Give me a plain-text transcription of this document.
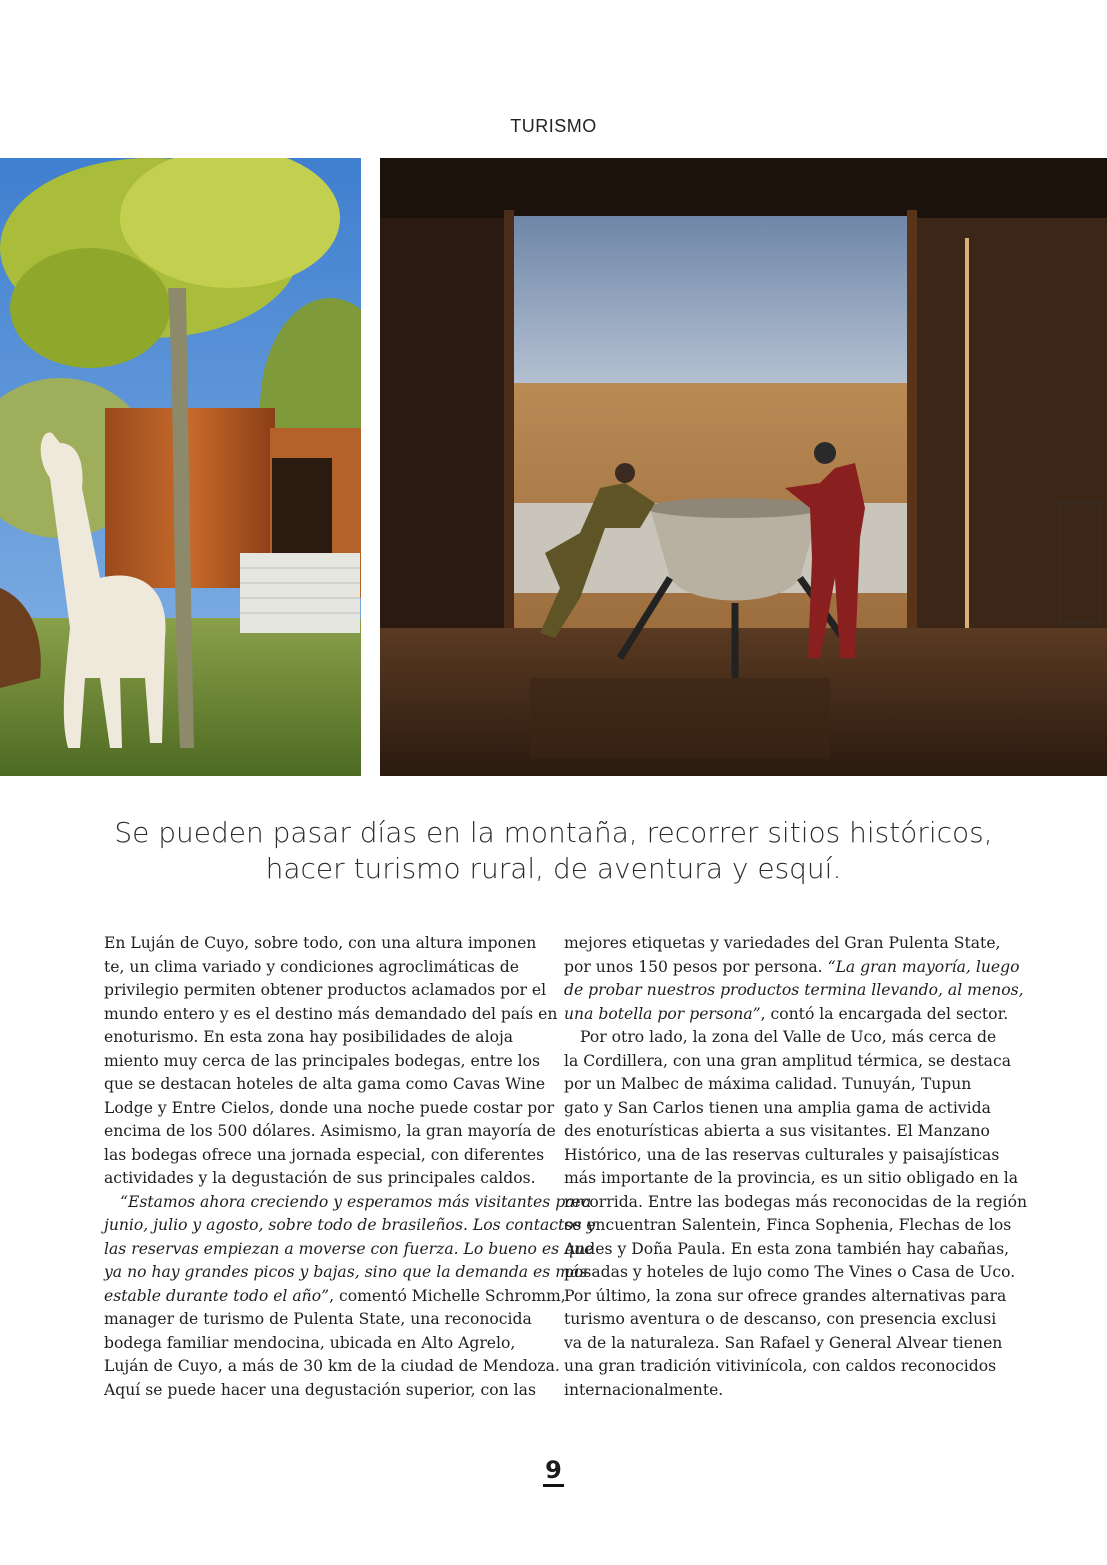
TURISMO
Se pueden pasar días en la montaña, recorrer sitios históricos,
hacer turismo rural, de aventura y esquí.
En Luján de Cuyo, sobre todo, con una altura imponen
te, un clima variado y condiciones agroclimáticas de
privilegio permiten obtener productos aclamados por el
mundo entero y es el destino más demandado del país en
enoturismo. En esta zona hay posibilidades de aloja
miento muy cerca de las principales bodegas, entre los
que se destacan hoteles de alta gama como Cavas Wine
Lodge y Entre Cielos, donde una noche puede costar por
encima de los 500 dólares. Asimismo, la gran mayoría de
las bodegas ofrece una jornada especial, con diferentes
actividades y la degustación de sus principales caldos.
“Estamos ahora creciendo y esperamos más visitantes para
junio, julio y agosto, sobre todo de brasileños. Los contactos y
las reservas empiezan a moverse con fuerza. Lo bueno es que
ya no hay grandes picos y bajas, sino que la demanda es más
estable durante todo el año”, comentó Michelle Schromm,
manager de turismo de Pulenta State, una reconocida
bodega familiar mendocina, ubicada en Alto Agrelo,
Luján de Cuyo, a más de 30 km de la ciudad de Mendoza.
Aquí se puede hacer una degustación superior, con las
mejores etiquetas y variedades del Gran Pulenta State,
por unos 150 pesos por persona. “La gran mayoría, luego
de probar nuestros productos termina llevando, al menos,
una botella por persona”, contó la encargada del sector.
Por otro lado, la zona del Valle de Uco, más cerca de
la Cordillera, con una gran amplitud térmica, se destaca
por un Malbec de máxima calidad. Tunuyán, Tupun
gato y San Carlos tienen una amplia gama de activida
des enoturísticas abierta a sus visitantes. El Manzano
Histórico, una de las reservas culturales y paisajísticas
más importante de la provincia, es un sitio obligado en la
recorrida. Entre las bodegas más reconocidas de la región
se encuentran Salentein, Finca Sophenia, Flechas de los
Andes y Doña Paula. En esta zona también hay cabañas,
posadas y hoteles de lujo como The Vines o Casa de Uco.
Por último, la zona sur ofrece grandes alternativas para
turismo aventura o de descanso, con presencia exclusi
va de la naturaleza. San Rafael y General Alvear tienen
una gran tradición vitivinícola, con caldos reconocidos
internacionalmente.
9
